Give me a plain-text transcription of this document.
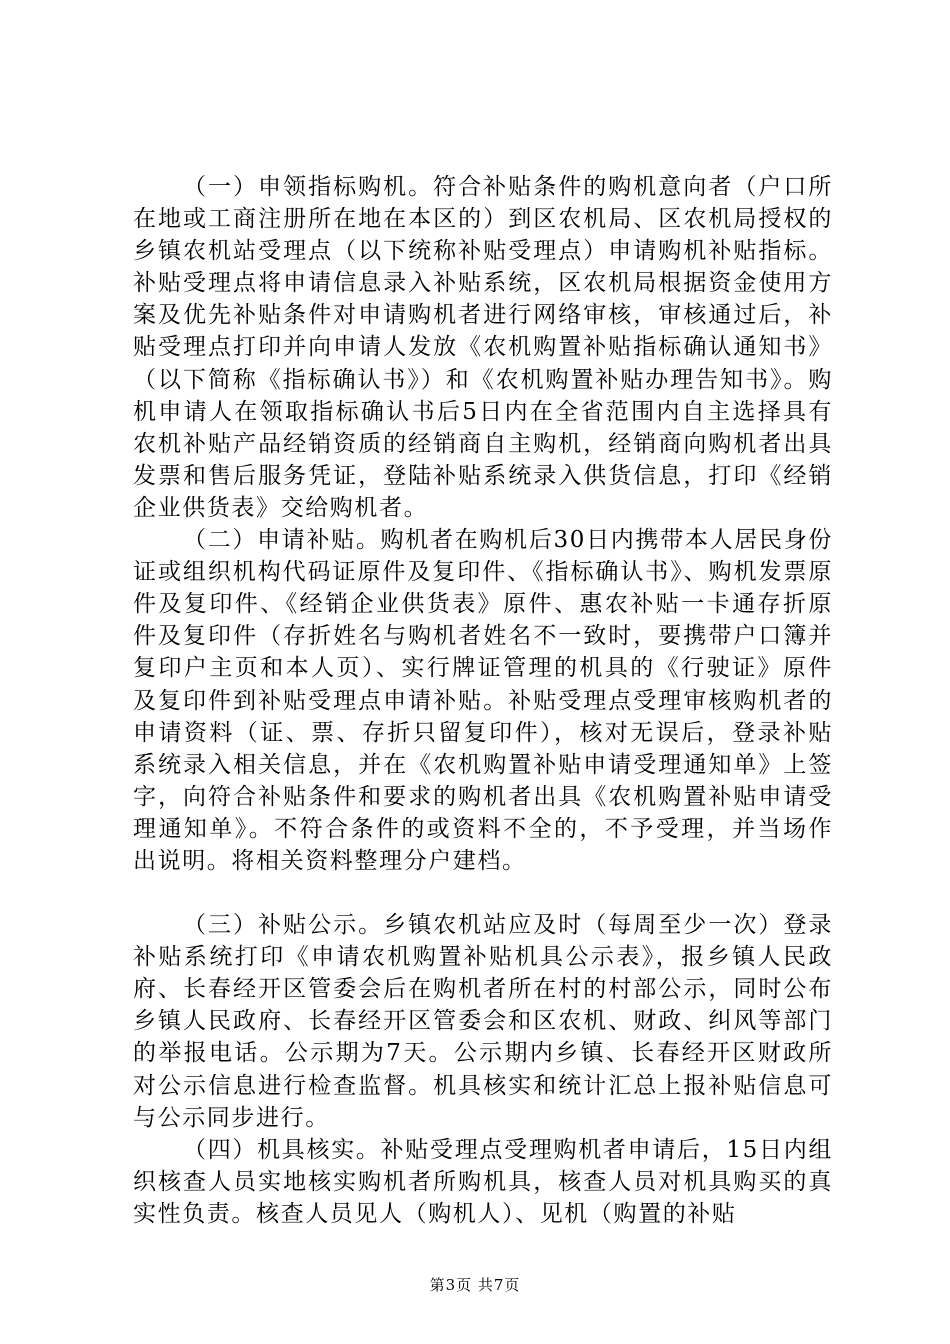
（一）申领指标购机。符合补贴条件的购机意向者（户口所在地或工商注册所在地在本区的）到区农机局、区农机局授权的乡镇农机站受理点（以下统称补贴受理点）申请购机补贴指标。补贴受理点将申请信息录入补贴系统，区农机局根据资金使用方案及优先补贴条件对申请购机者进行网络审核，审核通过后，补贴受理点打印并向申请人发放《农机购置补贴指标确认通知书》（以下简称《指标确认书》）和《农机购置补贴办理告知书》。购机申请人在领取指标确认书后5日内在全省范围内自主选择具有农机补贴产品经销资质的经销商自主购机，经销商向购机者出具发票和售后服务凭证，登陆补贴系统录入供货信息，打印《经销企业供货表》交给购机者。

（二）申请补贴。购机者在购机后30日内携带本人居民身份证或组织机构代码证原件及复印件、《指标确认书》、购机发票原件及复印件、《经销企业供货表》原件、惠农补贴一卡通存折原件及复印件（存折姓名与购机者姓名不一致时，要携带户口簿并复印户主页和本人页）、实行牌证管理的机具的《行驶证》原件及复印件到补贴受理点申请补贴。补贴受理点受理审核购机者的申请资料（证、票、存折只留复印件），核对无误后，登录补贴系统录入相关信息，并在《农机购置补贴申请受理通知单》上签字，向符合补贴条件和要求的购机者出具《农机购置补贴申请受理通知单》。不符合条件的或资料不全的，不予受理，并当场作出说明。将相关资料整理分户建档。

（三）补贴公示。乡镇农机站应及时（每周至少一次）登录补贴系统打印《申请农机购置补贴机具公示表》，报乡镇人民政府、长春经开区管委会后在购机者所在村的村部公示，同时公布乡镇人民政府、长春经开区管委会和区农机、财政、纠风等部门的举报电话。公示期为7天。公示期内乡镇、长春经开区财政所对公示信息进行检查监督。机具核实和统计汇总上报补贴信息可与公示同步进行。

（四）机具核实。补贴受理点受理购机者申请后，15日内组织核查人员实地核实购机者所购机具，核查人员对机具购买的真实性负责。核查人员见人（购机人）、见机（购置的补贴

第3页 共7页
